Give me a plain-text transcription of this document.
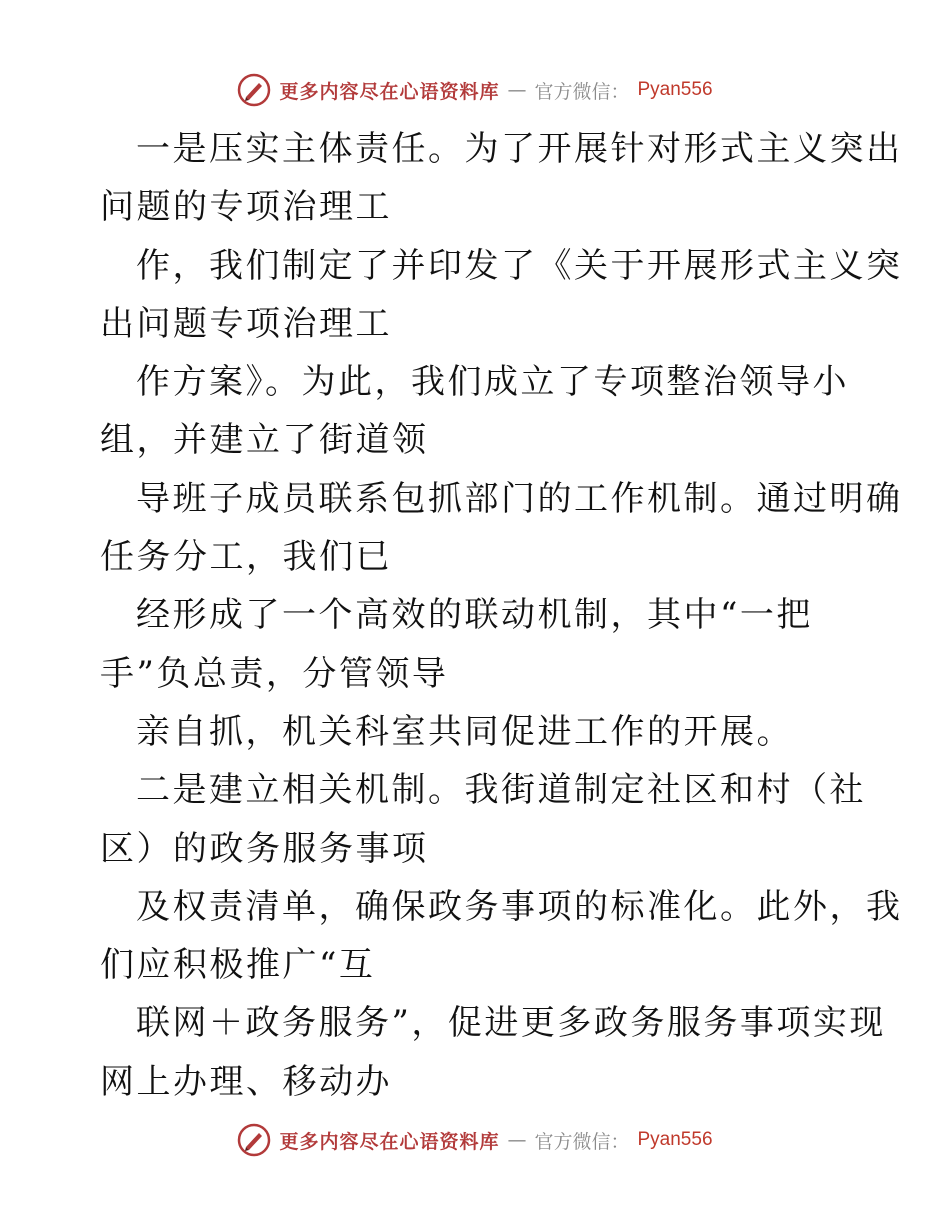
更多内容尽在心语资料库 — 官方微信： Pyan556
一是压实主体责任。为了开展针对形式主义突出
问题的专项治理工
作，我们制定了并印发了《关于开展形式主义突
出问题专项治理工
作方案》。为此，我们成立了专项整治领导小
组，并建立了街道领
导班子成员联系包抓部门的工作机制。通过明确
任务分工，我们已
经形成了一个高效的联动机制，其中“一把
手”负总责，分管领导
亲自抓，机关科室共同促进工作的开展。
二是建立相关机制。我街道制定社区和村（社
区）的政务服务事项
及权责清单，确保政务事项的标准化。此外，我
们应积极推广“互
联网＋政务服务”，促进更多政务服务事项实现
网上办理、移动办
更多内容尽在心语资料库 — 官方微信： Pyan556
